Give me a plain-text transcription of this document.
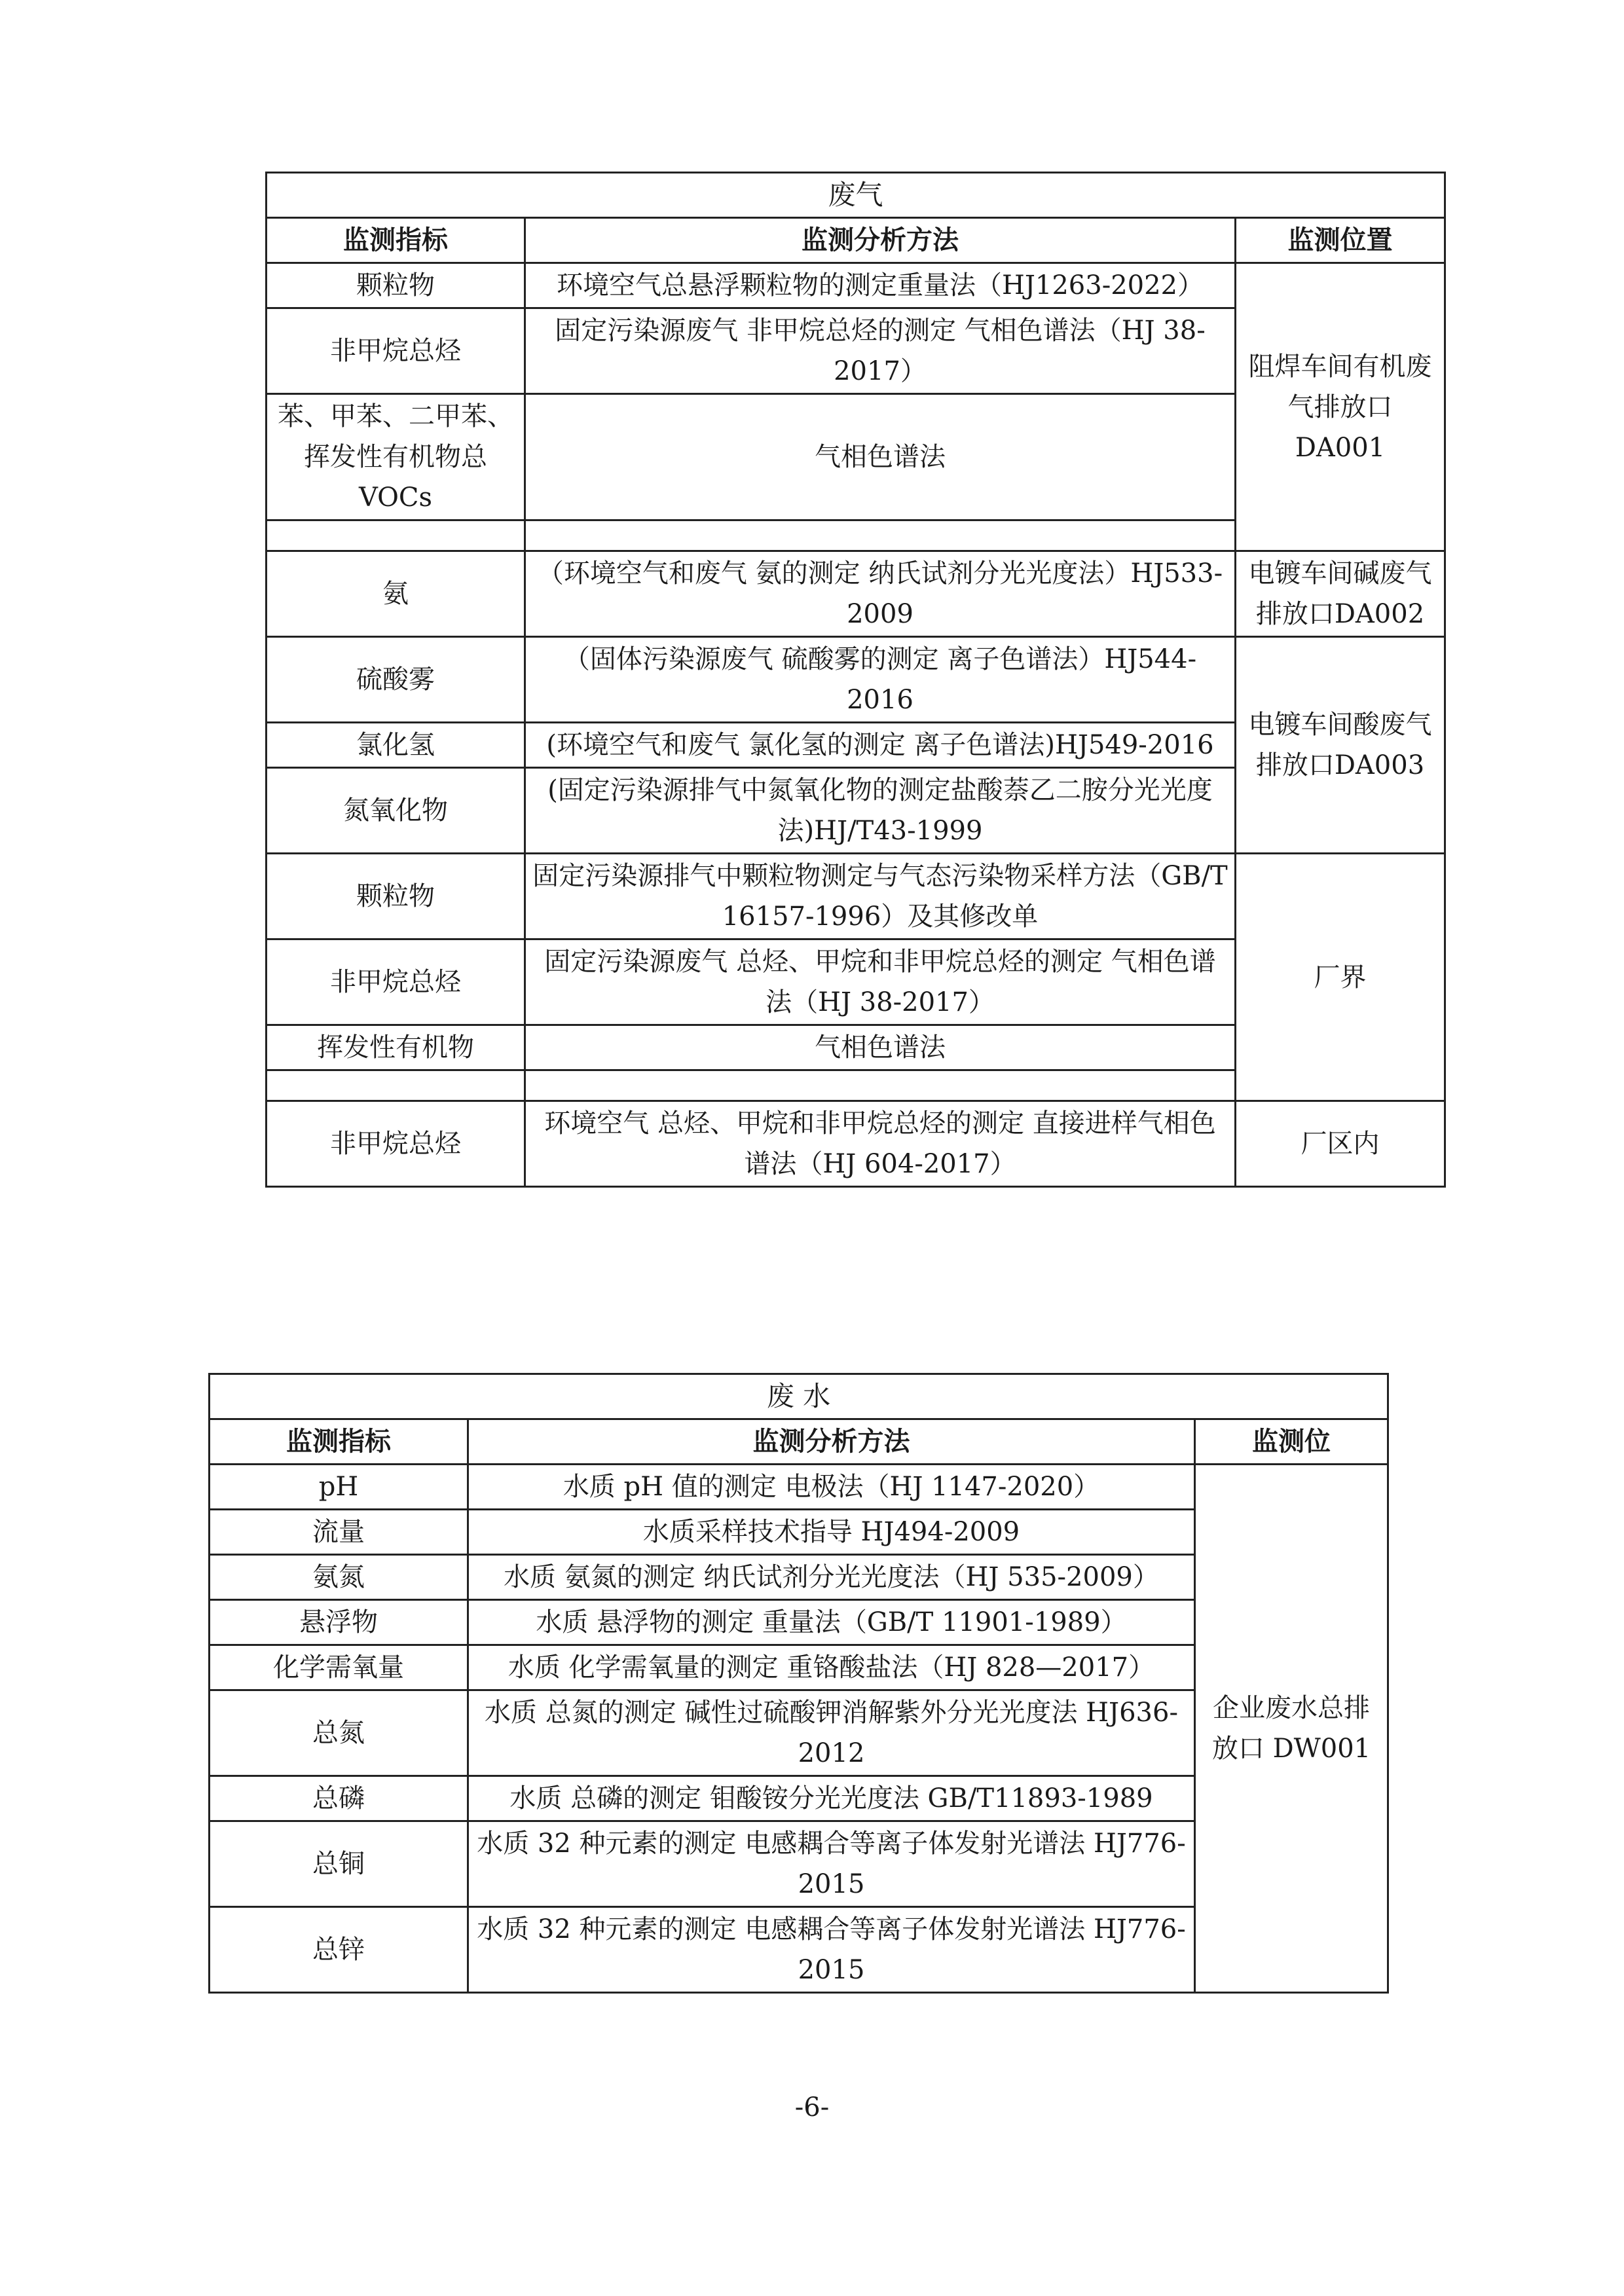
废气		
监测指标	监测分析方法	监测位置
颗粒物	环境空气总悬浮颗粒物的测定重量法（HJ1263-2022）	阻焊车间有机废气排放口DA001
非甲烷总烃	固定污染源废气 非甲烷总烃的测定 气相色谱法（HJ 38-2017）	
苯、甲苯、二甲苯、挥发性有机物总VOCs	气相色谱法	

氨	（环境空气和废气 氨的测定 纳氏试剂分光光度法）HJ533-2009	电镀车间碱废气排放口DA002
硫酸雾	（固体污染源废气 硫酸雾的测定 离子色谱法）HJ544-2016	电镀车间酸废气排放口DA003
氯化氢	(环境空气和废气 氯化氢的测定 离子色谱法)HJ549-2016	
氮氧化物	(固定污染源排气中氮氧化物的测定盐酸萘乙二胺分光光度法)HJ/T43-1999	
颗粒物	固定污染源排气中颗粒物测定与气态污染物采样方法（GB/T 16157-1996）及其修改单	厂界
非甲烷总烃	固定污染源废气 总烃、甲烷和非甲烷总烃的测定 气相色谱法（HJ 38-2017）	
挥发性有机物	气相色谱法	

非甲烷总烃	环境空气 总烃、甲烷和非甲烷总烃的测定 直接进样气相色谱法（HJ 604-2017）	厂区内
废 水		
监测指标	监测分析方法	监测位
pH	水质 pH 值的测定 电极法（HJ 1147-2020）	企业废水总排放口 DW001
流量	水质采样技术指导 HJ494-2009	
氨氮	水质 氨氮的测定 纳氏试剂分光光度法（HJ 535-2009）	
悬浮物	水质 悬浮物的测定 重量法（GB/T 11901-1989）	
化学需氧量	水质 化学需氧量的测定 重铬酸盐法（HJ 828—2017）	
总氮	水质 总氮的测定 碱性过硫酸钾消解紫外分光光度法 HJ636-2012	
总磷	水质 总磷的测定 钼酸铵分光光度法 GB/T11893-1989	
总铜	水质 32 种元素的测定 电感耦合等离子体发射光谱法 HJ776-2015	
总锌	水质 32 种元素的测定 电感耦合等离子体发射光谱法 HJ776-2015	
-6-
